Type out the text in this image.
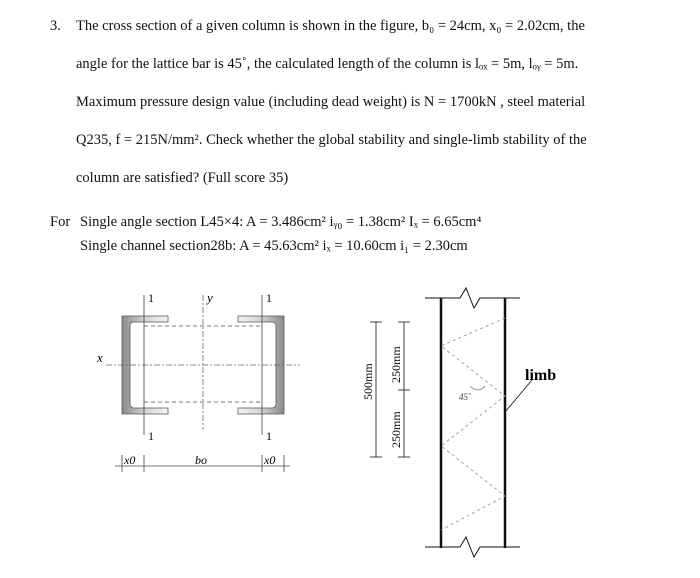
3. The cross section of a given column is shown in the figure, b₀ = 24cm, x₀ = 2.02cm, the
angle for the lattice bar is 45˚, the calculated length of the column is lₒₓ = 5m, lₒᵧ = 5m.
Maximum pressure design value (including dead weight) is N = 1700kN , steel material
Q235, f = 215N/mm². Check whether the global stability and single-limb stability of the
column are satisfied? (Full score 35)
For Single angle section L45×4: A = 3.486cm² iᵧ₀ = 1.38cm² Iₓ = 6.65cm⁴
Single channel section28b: A = 45.63cm² iₓ = 10.60cm i₁ = 2.30cm
x
y
1	1
1	1
x0	bo	x0
45˚
limb
500mm 250mm
250mm
